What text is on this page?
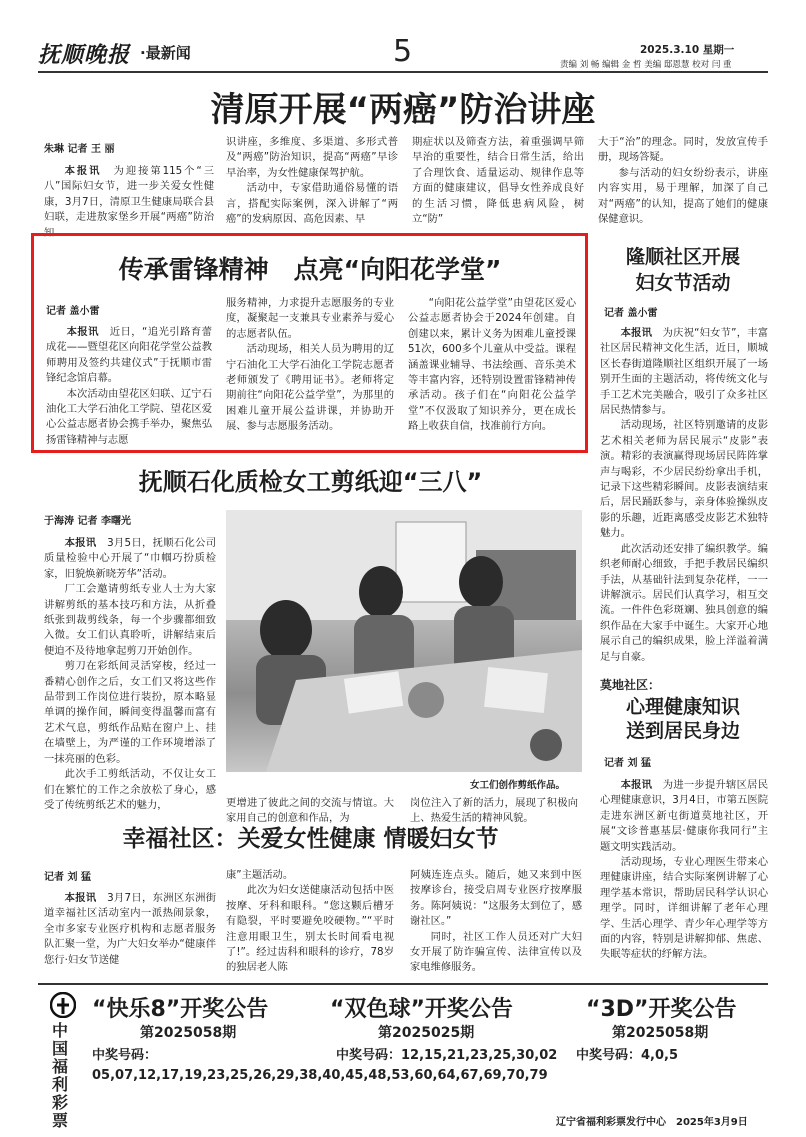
抚顺晚报 ·最新闻	5	2025.3.10 星期一
责编 刘 畅 编辑 金 哲 美编 邸恩慧 校对 闫 重
清原开展“两癌”防治讲座
朱琳 记者 王 丽

本报讯　 为迎接第115个“三八”国际妇女节，进一步关爱女性健康，3月7日，清原卫生健康局联合县妇联，走进敖家堡乡开展“两癌”防治知

识讲座，多维度、多渠道、多形式普及“两癌”防治知识，提高“两癌”早诊早治率，为女性健康保驾护航。

活动中，专家借助通俗易懂的语言，搭配实际案例，深入讲解了“两癌”的发病原因、高危因素、早

期症状以及筛查方法，着重强调早筛早治的重要性，结合日常生活，给出了合理饮食、适量运动、规律作息等方面的健康建议，倡导女性养成良好的生活习惯，降低患病风险，树立“防”

大于“治”的理念。同时，发放宣传手册，现场答疑。

参与活动的妇女纷纷表示，讲座内容实用，易于理解，加深了自己对“两癌”的认知，提高了她们的健康保健意识。

传承雷锋精神　点亮“向阳花学堂”
记者 盖小雷

本报讯　 近日，“追光引路育蕾成花——暨望花区向阳花学堂公益教师聘用及签约共建仪式”于抚顺市雷锋纪念馆启幕。

本次活动由望花区妇联、辽宁石油化工大学石油化工学院、望花区爱心公益志愿者协会携手举办，聚焦弘扬雷锋精神与志愿

服务精神，力求提升志愿服务的专业度，凝聚起一支兼具专业素养与爱心的志愿者队伍。

活动现场，相关人员为聘用的辽宁石油化工大学石油化工学院志愿者老师颁发了《聘用证书》。老师将定期前往“向阳花公益学堂”，为那里的困难儿童开展公益讲课，并协助开展、参与志愿服务活动。

“向阳花公益学堂”由望花区爱心公益志愿者协会于2024年创建。自创建以来，累计义务为困难儿童授课51次，600多个儿童从中受益。课程涵盖课业辅导、书法绘画、音乐美术等丰富内容，还特别设置雷锋精神传承活动。孩子们在“向阳花公益学堂”不仅汲取了知识养分，更在成长路上收获自信，找准前行方向。

抚顺石化质检女工剪纸迎“三八”
于海涛 记者 李曙光

本报讯　 3月5日，抚顺石化公司质量检验中心开展了“巾帼巧扮质检家，旧貌焕新晓芳华”活动。

厂工会邀请剪纸专业人士为大家讲解剪纸的基本技巧和方法，从折叠纸张到裁剪线条，每一个步骤都细致入微。女工们认真聆听，讲解结束后便迫不及待地拿起剪刀开始创作。

剪刀在彩纸间灵活穿梭，经过一番精心创作之后，女工们又将这些作品带到工作岗位进行装扮，原本略显单调的操作间，瞬间变得温馨而富有艺术气息，剪纸作品贴在窗户上、挂在墙壁上，为严谨的工作环境增添了一抹亮丽的色彩。

此次手工剪纸活动，不仅让女工们在繁忙的工作之余放松了身心，感受了传统剪纸艺术的魅力，

女工们创作剪纸作品。

更增进了彼此之间的交流与情谊。大家用自己的创意和作品，为

岗位注入了新的活力，展现了积极向上、热爱生活的精神风貌。

隆顺社区开展
妇女节活动
记者 盖小雷

本报讯　 为庆祝“妇女节”，丰富社区居民精神文化生活，近日，顺城区长春街道隆顺社区组织开展了一场别开生面的主题活动，将传统文化与手工艺术完美融合，吸引了众多社区居民热情参与。

活动现场，社区特别邀请的皮影艺术相关老师为居民展示“皮影”表演。精彩的表演赢得现场居民阵阵掌声与喝彩，不少居民纷纷拿出手机，记录下这些精彩瞬间。皮影表演结束后，居民踊跃参与，亲身体验操纵皮影的乐趣，近距离感受皮影艺术独特魅力。

此次活动还安排了编织教学。编织老师耐心细致，手把手教居民编织手法，从基础针法到复杂花样，一一讲解演示。居民们认真学习，相互交流。一件件色彩斑斓、独具创意的编织作品在大家手中诞生。大家开心地展示自己的编织成果，脸上洋溢着满足与自豪。

莫地社区：
心理健康知识
送到居民身边
记者 刘 猛

本报讯　 为进一步提升辖区居民心理健康意识，3月4日，市第五医院走进东洲区新屯街道莫地社区，开展“文诊普惠基层·健康你我同行”主题文明实践活动。

活动现场，专业心理医生带来心理健康讲座，结合实际案例讲解了心理学基本常识，帮助居民科学认识心理学。同时，详细讲解了老年心理学、生活心理学、青少年心理学等方面的内容，特别是讲解抑郁、焦虑、失眠等症状的纾解方法。

幸福社区：关爱女性健康 情暖妇女节
记者 刘 猛

本报讯　 3月7日，东洲区东洲街道幸福社区活动室内一派热闹景象，全市多家专业医疗机构和志愿者服务队汇聚一堂，为广大妇女举办“健康伴您行·妇女节送健

康”主题活动。

此次为妇女送健康活动包括中医按摩、牙科和眼科。“您这颗后槽牙有隐裂，平时要避免咬硬物。”“平时注意用眼卫生，别太长时间看电视了!”。经过齿科和眼科的诊疗，78岁的独居老人陈

阿姨连连点头。随后，她又来到中医按摩诊台，接受启周专业医疗按摩服务。陈阿姨说：“这服务太到位了，感谢社区。”

同时，社区工作人员还对广大妇女开展了防诈骗宣传、法律宣传以及家电维修服务。

中国福利彩票
“快乐8”开奖公告
第2025058期
中奖号码：05,07,12,17,19,23,25,26,29,38,40,45,48,53,60,64,67,69,70,79
“双色球”开奖公告
第2025025期
中奖号码：12,15,21,23,25,30,02
“3D”开奖公告
第2025058期
中奖号码：4,0,5
辽宁省福利彩票发行中心　2025年3月9日
